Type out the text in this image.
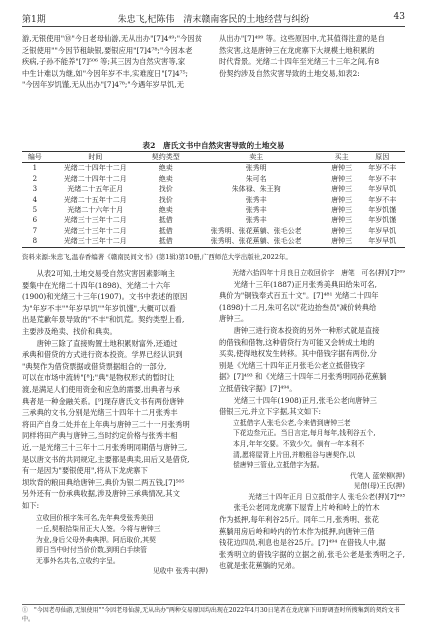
第1期	朱忠飞,杞陈伟　清末赣南客民的土地经营与纠纷	43

游,无银使用"⑩"今日老母仙游,无从出办"[7]4⁴⁹;"今因贫

乏银使用""今因节租缺银,要银应用"[7]4⁷⁸;"今因本老

疾病,子孙不能养"[7]⁵⁰⁶ 等;其三因为自然灾害等,家

中生计难以为继,如"今因年岁不丰,实难度日"[7]4⁷⁵;

"今因年岁饥馑,无从出办"[7]4⁷⁸;"今遇年岁早饥,无

从出办"[7]⁴⁹⁹ 等。这些原因中,尤其值得注意的是自

然灾害,这是唐钟三在龙虎寨下大规模土地积累的

时代背景。光绪二十四年至光绪三十三年之间,有8

份契约涉及自然灾害导致的土地交易,如表2:

表2　唐氏文书中自然灾害导致的土地交易
编号	时间	契约类型	卖主	买主	原因
1	光绪二十四年十二月	绝卖	张秀明	唐钟三	年岁不丰
2	光绪二十四年十二月	绝卖	朱可名	唐钟三	年岁不丰
3	光绪二十五年正月	找价	朱体禄、朱王狗	唐钟三	年岁早饥
4	光绪二十五年十二月	找价	张秀丰	唐钟三	年岁不丰
5	光绪二十六年十月	绝卖	张秀丰	唐钟三	年岁饥馑
6	光绪三十三年十二月	抵借	张秀丰	唐钟三	年岁饥馑
7	光绪三十三年十二月	抵借	张秀明、张花蕉躺、张毛公老	唐钟三	年岁早饥
8	光绪三十三年十二月	抵借	张秀明、张花蕉躺、张毛公老	唐钟三	年岁早饥
资料来源:朱忠飞,温春香编著《赣南民间文书》(第1辑)第10册,广西师范大学出版社,2022年。

从表2可知,土地交易受自然灾害因素影响主

要集中在光绪二十四年(1898)、光绪二十六年

(1900)和光绪三十三年(1907)。文书中表述的原因

为"年岁不丰""年岁早饥""年岁饥馑",大概可以看

出是荒歉年景导致的"不丰"和饥荒。契约类型上看,

主要涉及绝卖、找价和典卖。

唐钟三除了直接购置土地积累财富外,还通过

承典和借贷的方式进行资本投资。学界已经认识到

"典契作为借贷票据或借贷票据组合的一部分,

可以在市场中流转"[⁸];"典"是物权形式的暂时让

渡,是满足人们使用资金和应急的需要,出典者与承

典者是一种金融关系。[⁹]现存唐氏文书有两份唐钟

三承典的文书,分别是光绪三十四年十二月张秀丰

将田产自身二处并在上年典与唐钟三二十一月张秀明

同样将田产典与唐钟三,当时约定价格与张秀丰相

近,一是光绪三十三年十二月张秀明同期借与唐钟三,

是以唐文书的共同规定,主要都是典卖,田后又是借贷,

有一是因为"要银使用",将从下龙虎寨下

坝坎背的粮田典给唐钟三,典价为银二两五钱,[7]⁵⁰⁵

另外还有一份承典收据,涉及唐钟三承典情况,其文

如下:

立收回价根字朱可名,先年典受张秀美田

一丘,契根拾柒吊正大人签。今将与唐钟三

为业,身后父母外典典押。阿后取价,其契

即日当中时付当价价数,到明白手续管

无事外名共名,立收约字呈。

见收中 张秀丰(押)

光绪六拾四年十月良日立收回价字　唐笔　可名(押)[7]⁵⁰⁹

光绪十三年(1887)正月张秀美典田给朱可名,

典价为"铜钱奉式百五十文"。[7]⁴⁸¹ 光绪二十四年

(1898)十二月,朱可名以"花边抬叁员"减价转典给

唐钟三。

唐钟三进行资本投资的另外一种形式就是直接

的借钱和借物,这种借贷行为可能又会转成土地的

买卖,使得地权发生转移。其中借钱字据有两份,分

别是《光绪三十四年正月张毛公老立抵借钱字

据》[7]⁴⁹³ 和《光绪三十四年二月张秀明同孙花蕉躺

立抵借钱字据》[7]⁴⁹⁴。

光绪三十四年(1908)正月,张毛公老向唐钟三

借银三元,并立下字据,其文如下:

立抵借字人张毛公老,今来借到唐钟三老

下花边叁元正。当日言定,每月每年,钱利谷五个,

本月,年年交要。不致少欠。倘有一年本利不

清,愿将屋背上片田,并粮租谷与唐契作,以

偿唐钟三管业,立抵借字为据。

代笔人 蓝荣柳(押)
见借(母)王氏(押)

光绪三十四年正月 日立抵借字人 张毛公老(押)[7]⁴⁹³

张毛公老同龙虎寨下屋背上片岭和岭上的竹木

作为抵押,每年利谷25斤。同年二月,张秀明、张花

蕉躺用房后岭和岭内的竹木作为抵押,向唐钟三借

钱花边四员,利息也是谷25斤。[7]⁴⁹⁴ 在借钱人中,据

张秀明立的借钱字据的立据之前,张毛公老是张秀明之子,也就是张花蕉躺的兄弟。

①　"今因老母仙游,无银使用""今因老母仙游,无从出办"两种交易原因均出现在2022年4月30日笔者在龙虎寨下田野调查时所搜集到的契约文书中。
